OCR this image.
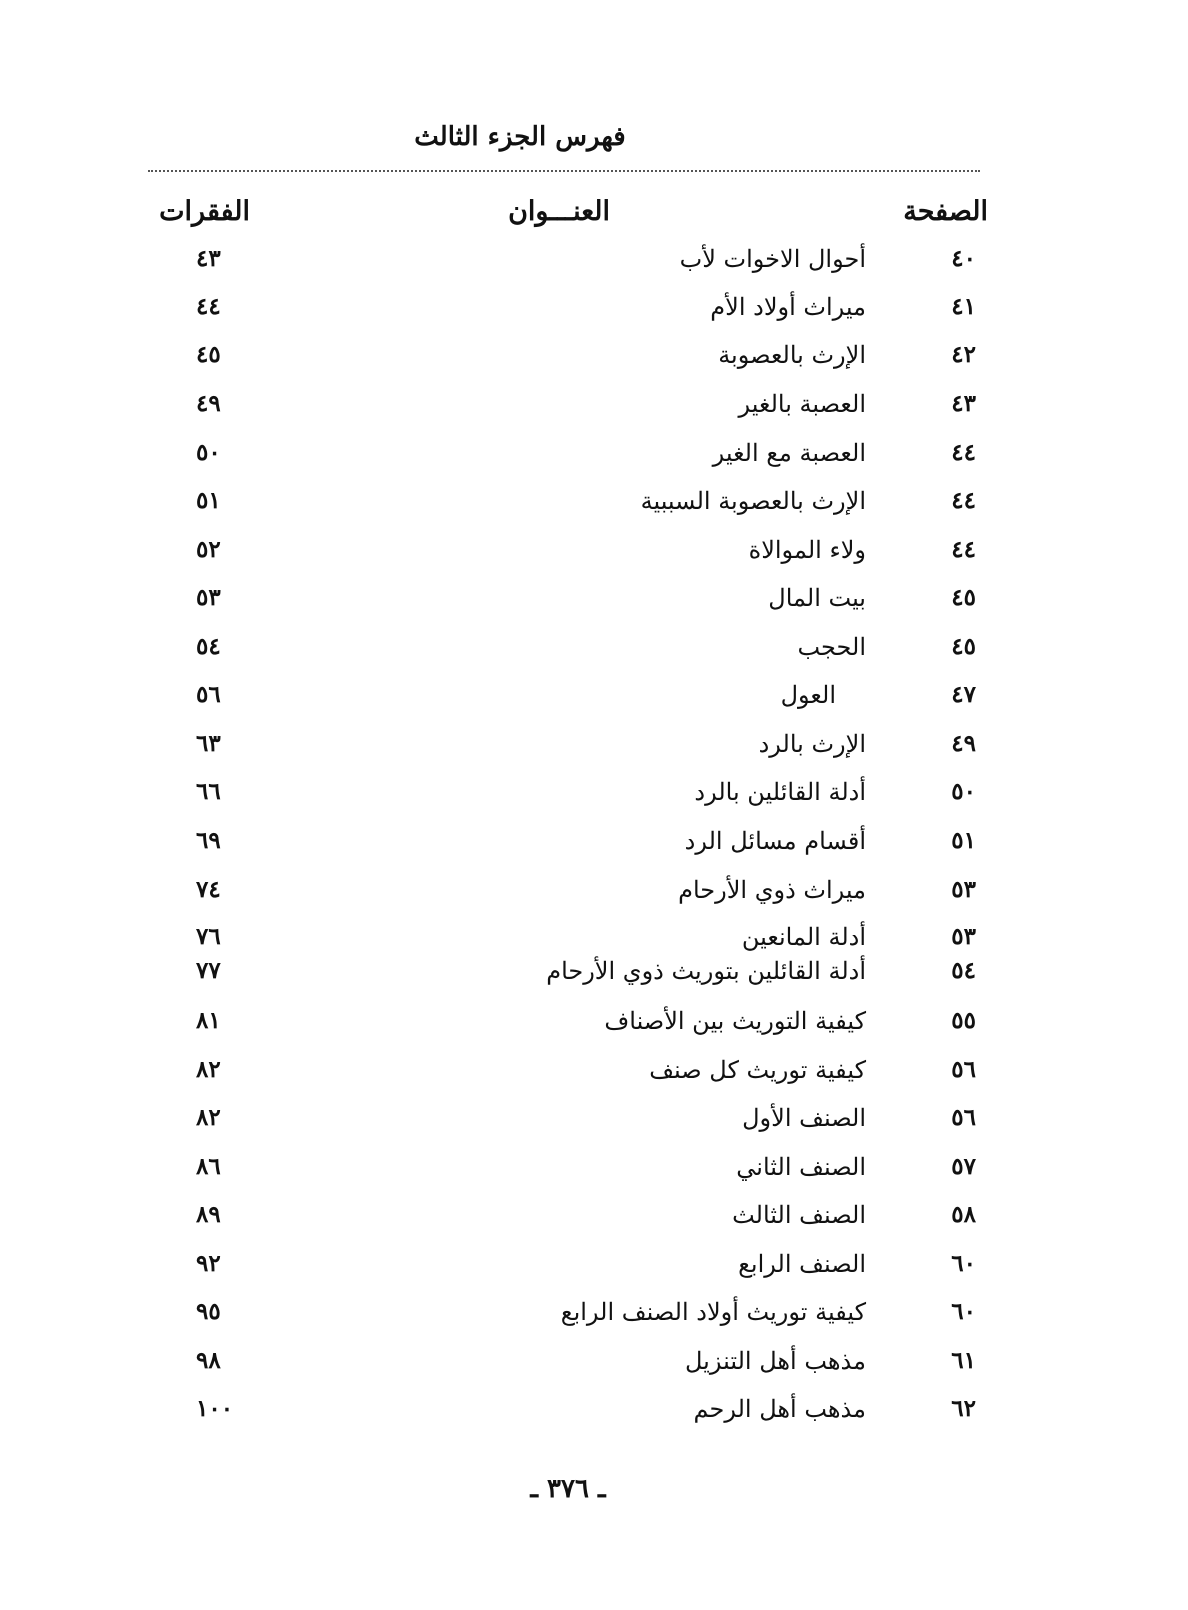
فهرس الجزء الثالث
الصفحة
العنـــوان
الفقرات
٤٠
أحوال الاخوات لأب
٤٣
٤١
ميراث أولاد الأم
٤٤
٤٢
الإرث بالعصوبة
٤٥
٤٣
العصبة بالغير
٤٩
٤٤
العصبة مع الغير
٥٠
٤٤
الإرث بالعصوبة السببية
٥١
٤٤
ولاء الموالاة
٥٢
٤٥
بيت المال
٥٣
٤٥
الحجب
٥٤
٤٧
العول
٥٦
٤٩
الإرث بالرد
٦٣
٥٠
أدلة القائلين بالرد
٦٦
٥١
أقسام مسائل الرد
٦٩
٥٣
ميراث ذوي الأرحام
٧٤
٥٣
أدلة المانعين
٧٦
٥٤
أدلة القائلين بتوريث ذوي الأرحام
٧٧
٥٥
كيفية التوريث بين الأصناف
٨١
٥٦
كيفية توريث كل صنف
٨٢
٥٦
الصنف الأول
٨٢
٥٧
الصنف الثاني
٨٦
٥٨
الصنف الثالث
٨٩
٦٠
الصنف الرابع
٩٢
٦٠
كيفية توريث أولاد الصنف الرابع
٩٥
٦١
مذهب أهل التنزيل
٩٨
٦٢
مذهب أهل الرحم
١٠٠
ـ ٣٧٦ ـ
